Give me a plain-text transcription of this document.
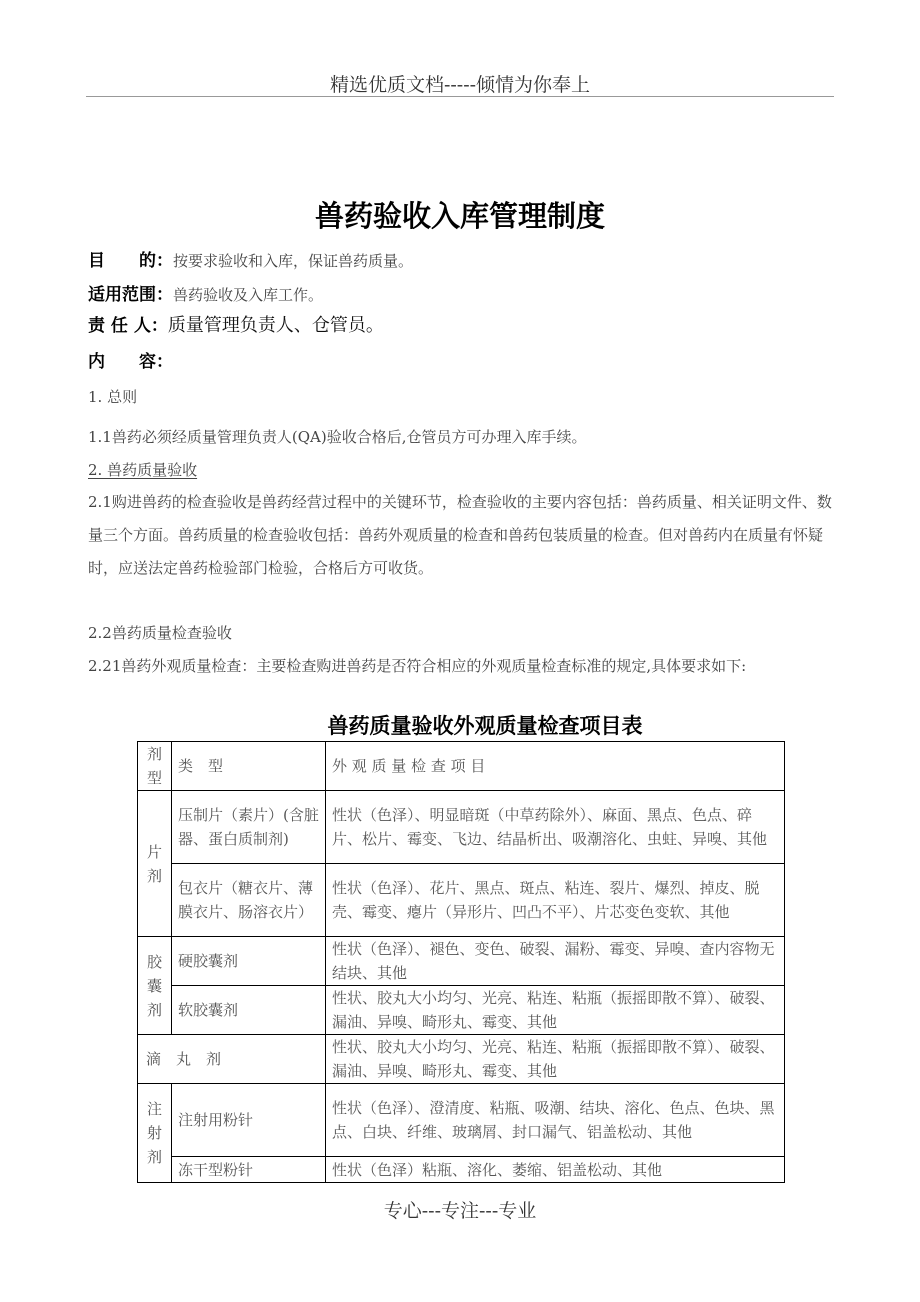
精选优质文档-----倾情为你奉上
兽药验收入库管理制度
目　　的：按要求验收和入库，保证兽药质量。
适用范围：兽药验收及入库工作。
责 任 人：质量管理负责人、仓管员。
内　　容：
1. 总则
1.1兽药必须经质量管理负责人(QA)验收合格后,仓管员方可办理入库手续。
2. 兽药质量验收
2.1购进兽药的检查验收是兽药经营过程中的关键环节，检查验收的主要内容包括：兽药质量、相关证明文件、数量三个方面。兽药质量的检查验收包括：兽药外观质量的检查和兽药包装质量的检查。但对兽药内在质量有怀疑时，应送法定兽药检验部门检验，合格后方可收货。
2.2兽药质量检查验收
2.21兽药外观质量检查：主要检查购进兽药是否符合相应的外观质量检查标准的规定,具体要求如下:
兽药质量验收外观质量检查项目表
剂型	类　型	外 观 质 量 检 查 项 目
片剂	压制片（素片）(含脏器、蛋白质制剂)	性状（色泽）、明显暗斑（中草药除外）、麻面、黑点、色点、碎片、松片、霉变、飞边、结晶析出、吸潮溶化、虫蛀、异嗅、其他
	包衣片（糖衣片、薄膜衣片、肠溶衣片）	性状（色泽）、花片、黑点、斑点、粘连、裂片、爆烈、掉皮、脱壳、霉变、瘪片（异形片、凹凸不平）、片芯变色变软、其他
胶囊剂	硬胶囊剂	性状（色泽）、褪色、变色、破裂、漏粉、霉变、异嗅、查内容物无结块、其他
	软胶囊剂	性状、胶丸大小均匀、光亮、粘连、粘瓶（振摇即散不算）、破裂、漏油、异嗅、畸形丸、霉变、其他
滴　丸　剂		性状、胶丸大小均匀、光亮、粘连、粘瓶（振摇即散不算）、破裂、漏油、异嗅、畸形丸、霉变、其他
注射剂	注射用粉针	性状（色泽）、澄清度、粘瓶、吸潮、结块、溶化、色点、色块、黑点、白块、纤维、玻璃屑、封口漏气、铝盖松动、其他
	冻干型粉针	性状（色泽）粘瓶、溶化、萎缩、铝盖松动、其他
专心---专注---专业
